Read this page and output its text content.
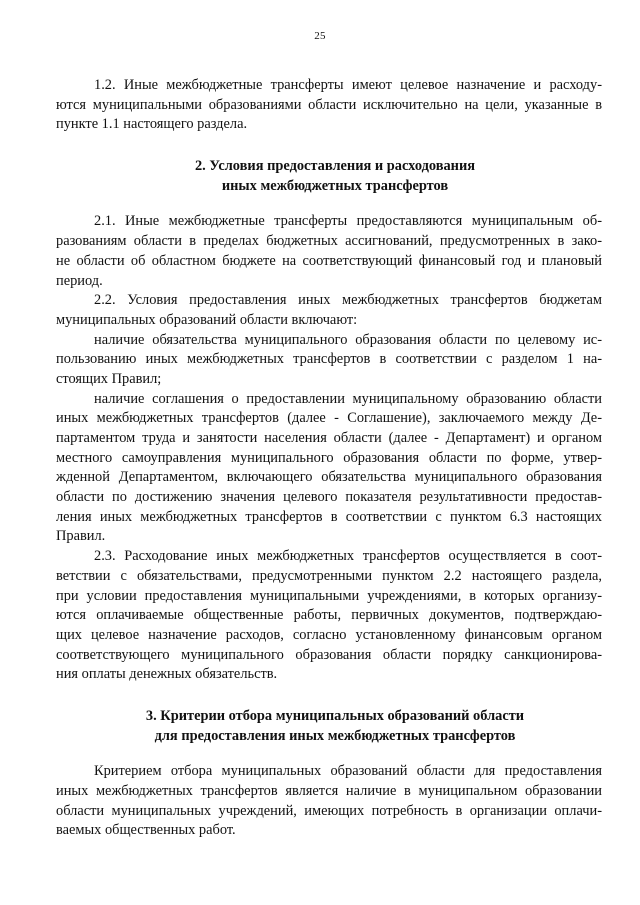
25
1.2. Иные межбюджетные трансферты имеют целевое назначение и расходу-
ются муниципальными образованиями области исключительно на цели, указанные в
пункте 1.1 настоящего раздела.
2. Условия предоставления и расходования
иных межбюджетных трансфертов
2.1. Иные межбюджетные трансферты предоставляются муниципальным об-
разованиям области в пределах бюджетных ассигнований, предусмотренных в зако-
не области об областном бюджете на соответствующий финансовый год и плановый
период.
2.2. Условия предоставления иных межбюджетных трансфертов бюджетам
муниципальных образований области включают:
наличие обязательства муниципального образования области по целевому ис-
пользованию иных межбюджетных трансфертов в соответствии с разделом 1 на-
стоящих Правил;
наличие соглашения о предоставлении муниципальному образованию области
иных межбюджетных трансфертов (далее - Соглашение), заключаемого между Де-
партаментом труда и занятости населения области (далее - Департамент) и органом
местного самоуправления муниципального образования области по форме, утвер-
жденной Департаментом, включающего обязательства муниципального образования
области по достижению значения целевого показателя результативности предостав-
ления иных межбюджетных трансфертов в соответствии с пунктом 6.3 настоящих
Правил.
2.3. Расходование иных межбюджетных трансфертов осуществляется в соот-
ветствии с обязательствами, предусмотренными пунктом 2.2 настоящего раздела,
при условии предоставления муниципальными учреждениями, в которых организу-
ются оплачиваемые общественные работы, первичных документов, подтверждаю-
щих целевое назначение расходов, согласно установленному финансовым органом
соответствующего муниципального образования области порядку санкционирова-
ния оплаты денежных обязательств.
3. Критерии отбора муниципальных образований области
для предоставления иных межбюджетных трансфертов
Критерием отбора муниципальных образований области для предоставления
иных межбюджетных трансфертов является наличие в муниципальном образовании
области муниципальных учреждений, имеющих потребность в организации оплачи-
ваемых общественных работ.
